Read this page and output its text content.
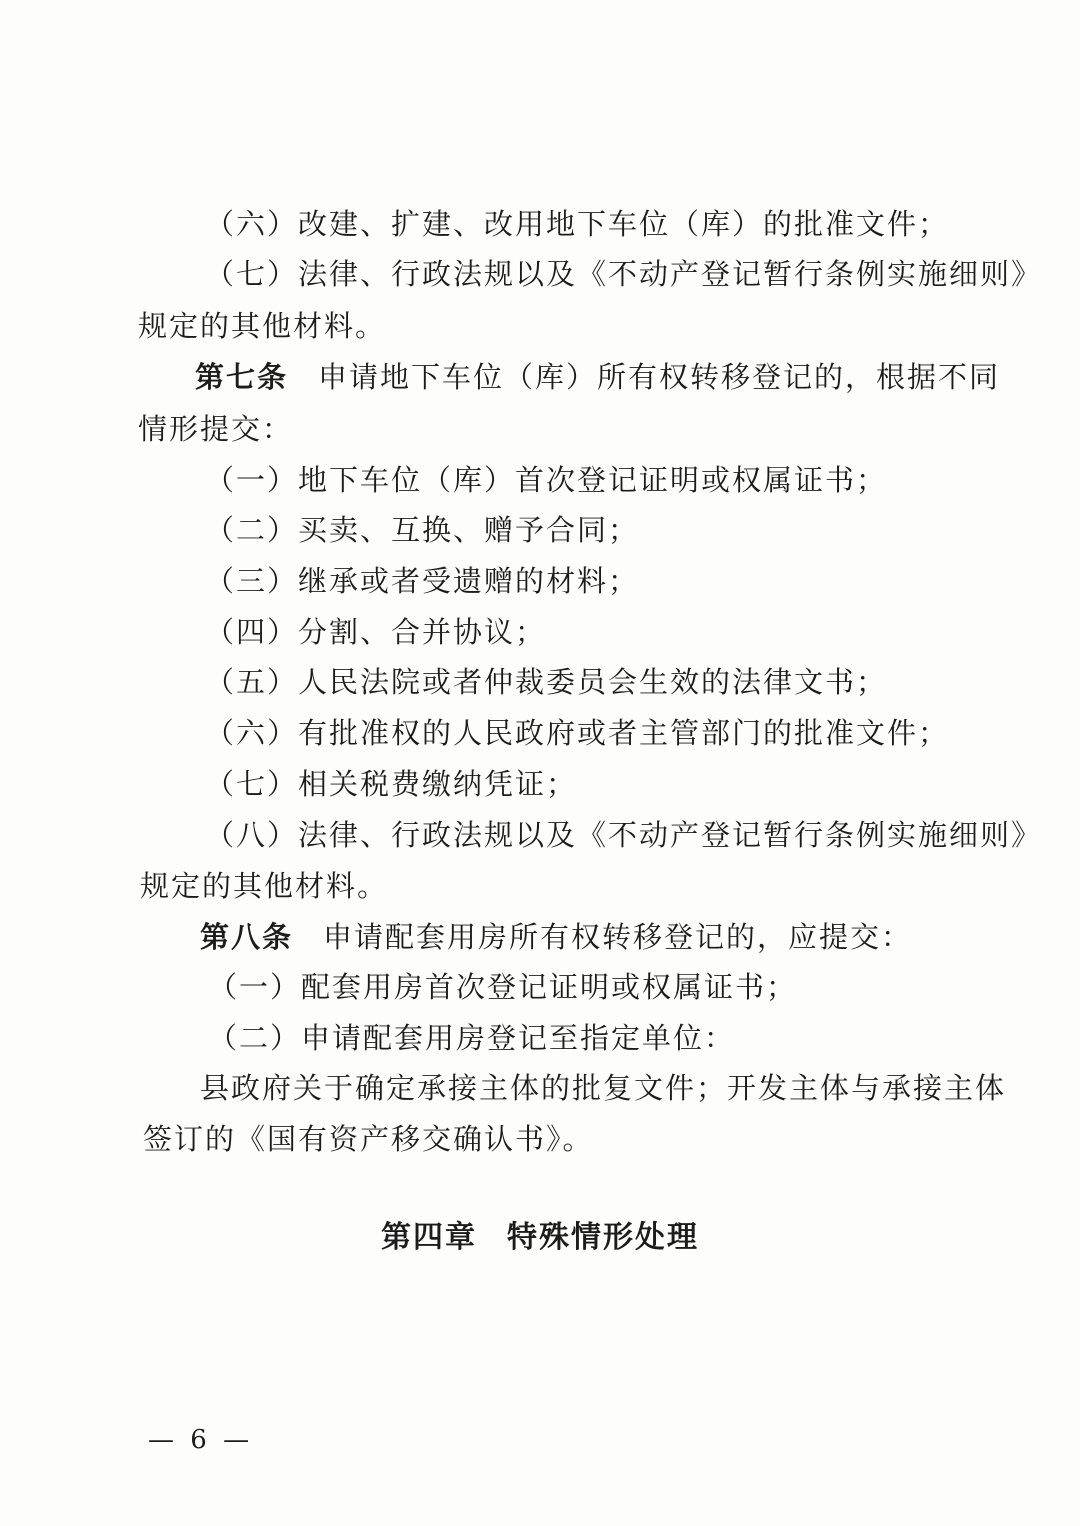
（六）改建、扩建、改用地下车位（库）的批准文件；
（七）法律、行政法规以及《不动产登记暂行条例实施细则》
规定的其他材料。
第七条 申请地下车位（库）所有权转移登记的，根据不同
情形提交：
（一）地下车位（库）首次登记证明或权属证书；
（二）买卖、互换、赠予合同；
（三）继承或者受遗赠的材料；
（四）分割、合并协议；
（五）人民法院或者仲裁委员会生效的法律文书；
（六）有批准权的人民政府或者主管部门的批准文件；
（七）相关税费缴纳凭证；
（八）法律、行政法规以及《不动产登记暂行条例实施细则》
规定的其他材料。
第八条 申请配套用房所有权转移登记的，应提交：
（一）配套用房首次登记证明或权属证书；
（二）申请配套用房登记至指定单位：
县政府关于确定承接主体的批复文件；开发主体与承接主体
签订的《国有资产移交确认书》。
第四章 特殊情形处理
— 6 —
